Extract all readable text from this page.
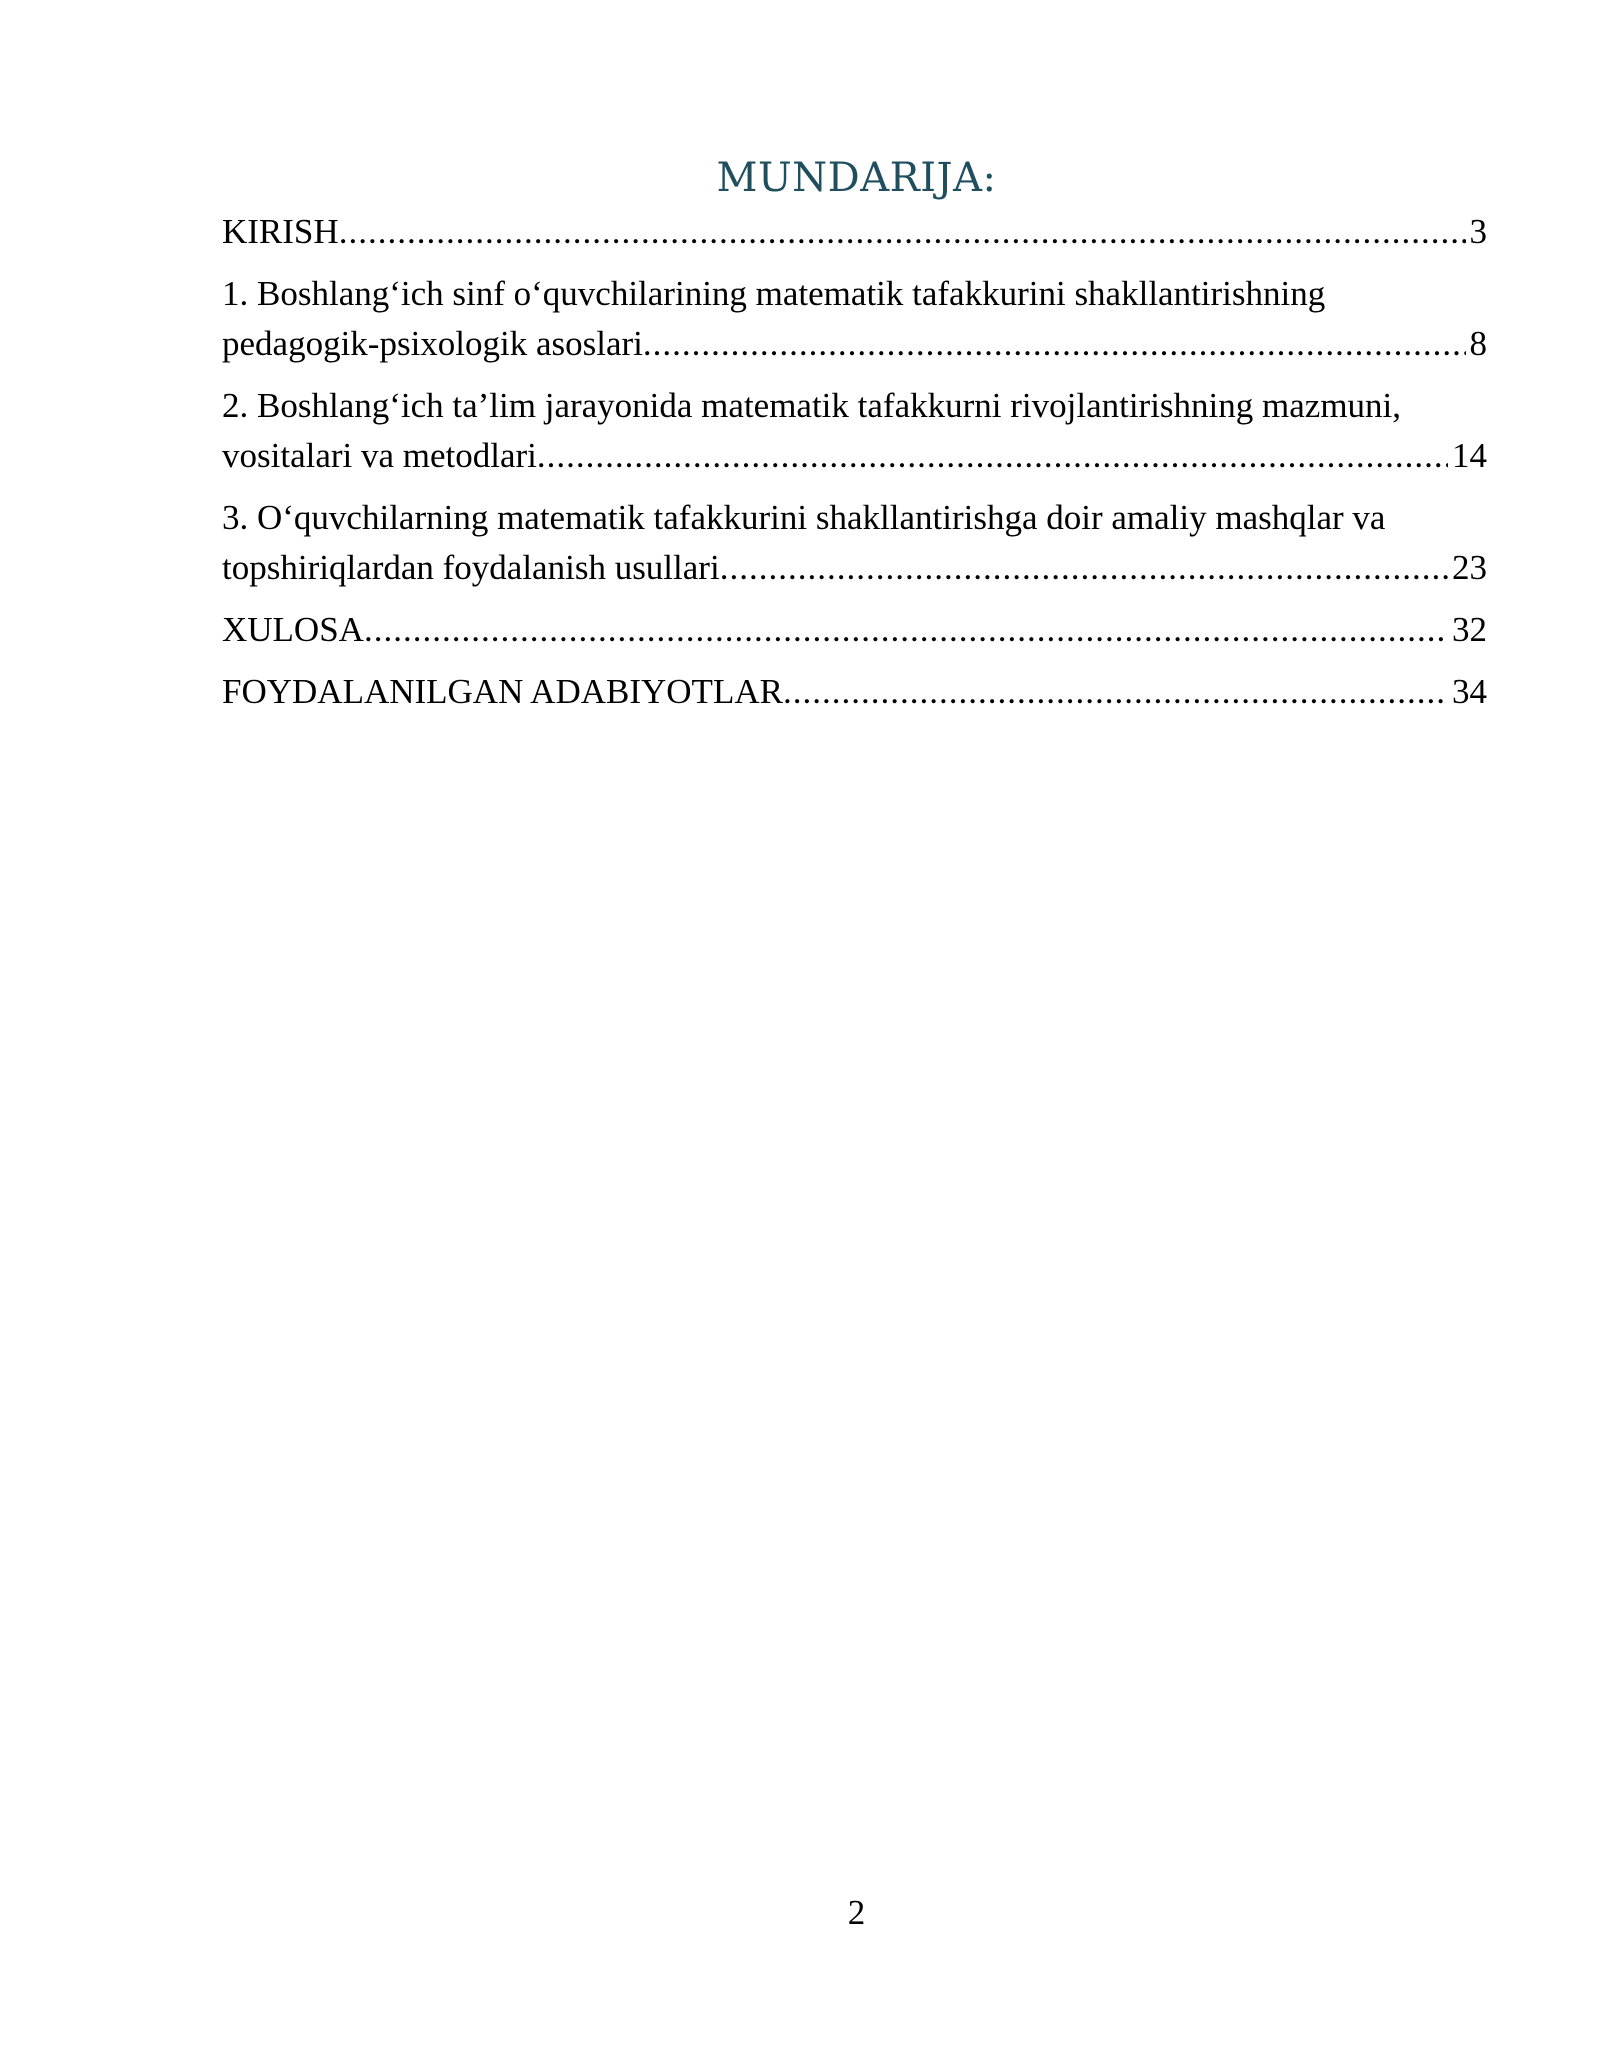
MUNDARIJA:
KIRISH .....	3
1. Boshlang‘ich sinf o‘quvchilarining matematik tafakkurini shakllantirishning
pedagogik-psixologik asoslari .....	8
2. Boshlang‘ich ta’lim jarayonida matematik tafakkurni rivojlantirishning mazmuni,
vositalari va metodlari .....	14
3. O‘quvchilarning matematik tafakkurini shakllantirishga doir amaliy mashqlar va
topshiriqlardan foydalanish usullari .....	23
XULOSA .....	32
FOYDALANILGAN ADABIYOTLAR .....	34
2
